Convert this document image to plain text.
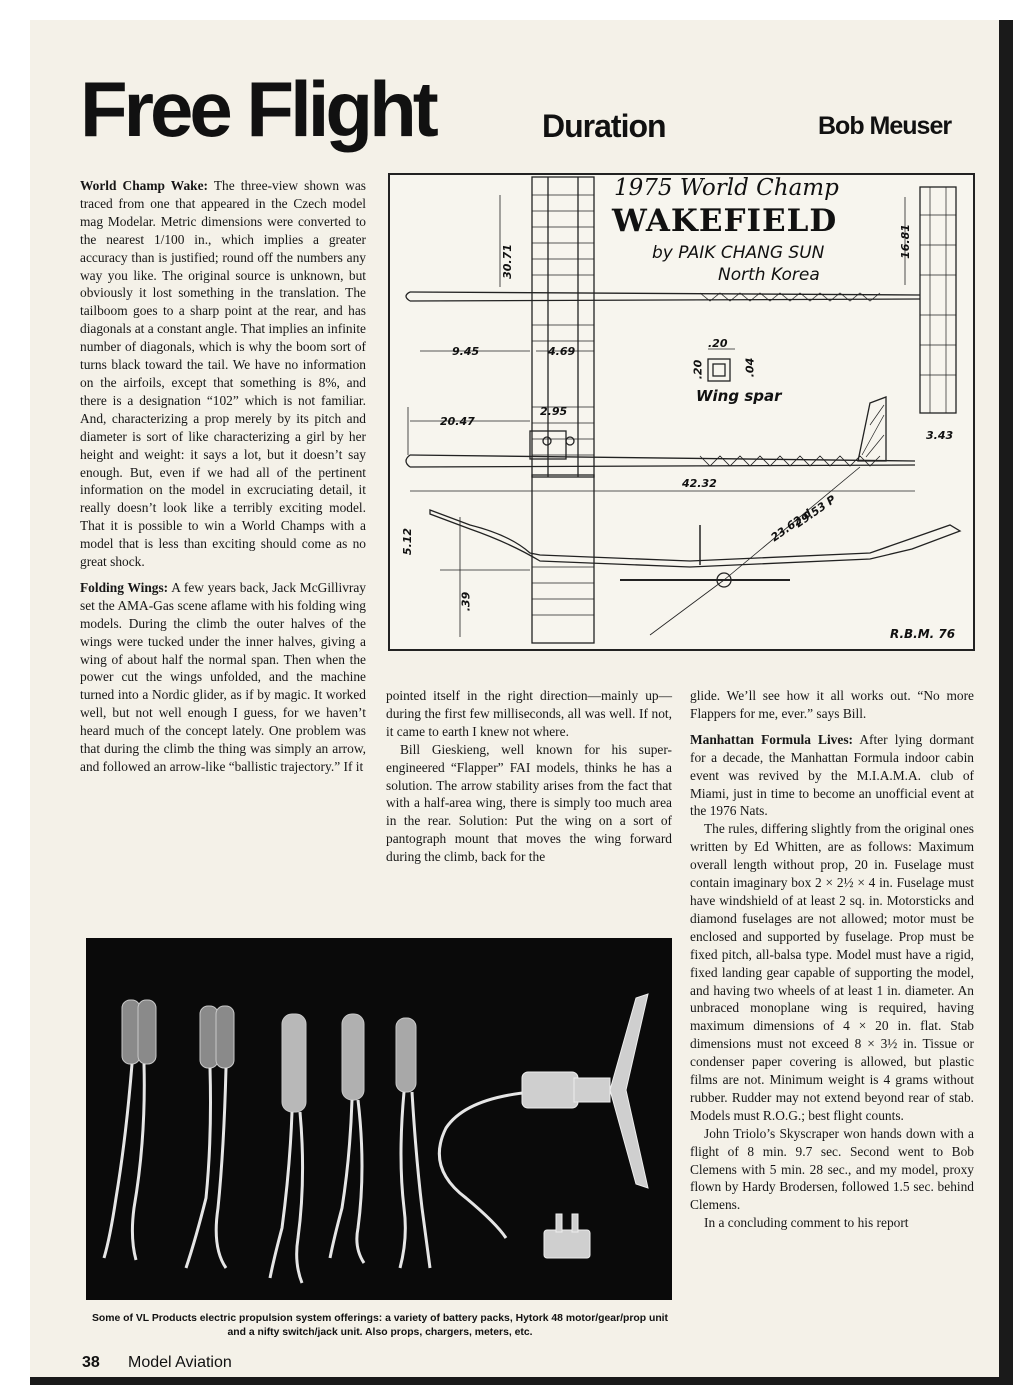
Free Flight	Duration	Bob Meuser

World Champ Wake: The three-view shown was traced from one that appeared in the Czech model mag Modelar. Metric dimensions were converted to the nearest 1/100 in., which implies a greater accuracy than is justified; round off the numbers any way you like. The original source is unknown, but obviously it lost something in the translation. The tailboom goes to a sharp point at the rear, and has diagonals at a constant angle. That implies an infinite number of diagonals, which is why the boom sort of turns black toward the tail. We have no information on the airfoils, except that something is 8%, and there is a designation “102” which is not familiar. And, characterizing a prop merely by its pitch and diameter is sort of like characterizing a girl by her height and weight: it says a lot, but it doesn’t say enough. But, even if we had all of the pertinent information on the model in excruciating detail, it really doesn’t look like a terribly exciting model. That it is possible to win a World Champs with a model that is less than exciting should come as no great shock.

Folding Wings: A few years back, Jack McGillivray set the AMA-Gas scene aflame with his folding wing models. During the climb the outer halves of the wings were tucked under the inner halves, giving a wing of about half the normal span. Then when the power cut the wings unfolded, and the machine turned into a Nordic glider, as if by magic. It worked well, but not well enough I guess, for we haven’t heard much of the concept lately. One problem was that during the climb the thing was simply an arrow, and followed an arrow-like “ballistic trajectory.” If it

1975 World Champ
WAKEFIELD
by PAIK CHANG SUN
North Korea
30.71
16.81
9.45	4.69
.20
.04
.20
Wing spar
20.47
2.95
3.43
42.32
23.62 d
29.53 P
5.12
.39
R.B.M. 76

pointed itself in the right direction—mainly up—during the first few milliseconds, all was well. If not, it came to earth I knew not where.

Bill Gieskieng, well known for his super-engineered “Flapper” FAI models, thinks he has a solution. The arrow stability arises from the fact that with a half-area wing, there is simply too much area in the rear. Solution: Put the wing on a sort of pantograph mount that moves the wing forward during the climb, back for the

glide. We’ll see how it all works out. “No more Flappers for me, ever.” says Bill.

Manhattan Formula Lives: After lying dormant for a decade, the Manhattan Formula indoor cabin event was revived by the M.I.A.M.A. club of Miami, just in time to become an unofficial event at the 1976 Nats.

The rules, differing slightly from the original ones written by Ed Whitten, are as follows: Maximum overall length without prop, 20 in. Fuselage must contain imaginary box 2 × 2½ × 4 in. Fuselage must have windshield of at least 2 sq. in. Motorsticks and diamond fuselages are not allowed; motor must be enclosed and supported by fuselage. Prop must be fixed pitch, all-balsa type. Model must have a rigid, fixed landing gear capable of supporting the model, and having two wheels of at least 1 in. diameter. An unbraced monoplane wing is required, having maximum dimensions of 4 × 20 in. flat. Stab dimensions must not exceed 8 × 3½ in. Tissue or condenser paper covering is allowed, but plastic films are not. Minimum weight is 4 grams without rubber. Rudder may not extend beyond rear of stab. Models must R.O.G.; best flight counts.

John Triolo’s Skyscraper won hands down with a flight of 8 min. 9.7 sec. Second went to Bob Clemens with 5 min. 28 sec., and my model, proxy flown by Hardy Brodersen, followed 1.5 sec. behind Clemens.

In a concluding comment to his report

Some of VL Products electric propulsion system offerings: a variety of battery packs, Hytork 48 motor/gear/prop unit and a nifty switch/jack unit. Also props, chargers, meters, etc.
38 Model Aviation
